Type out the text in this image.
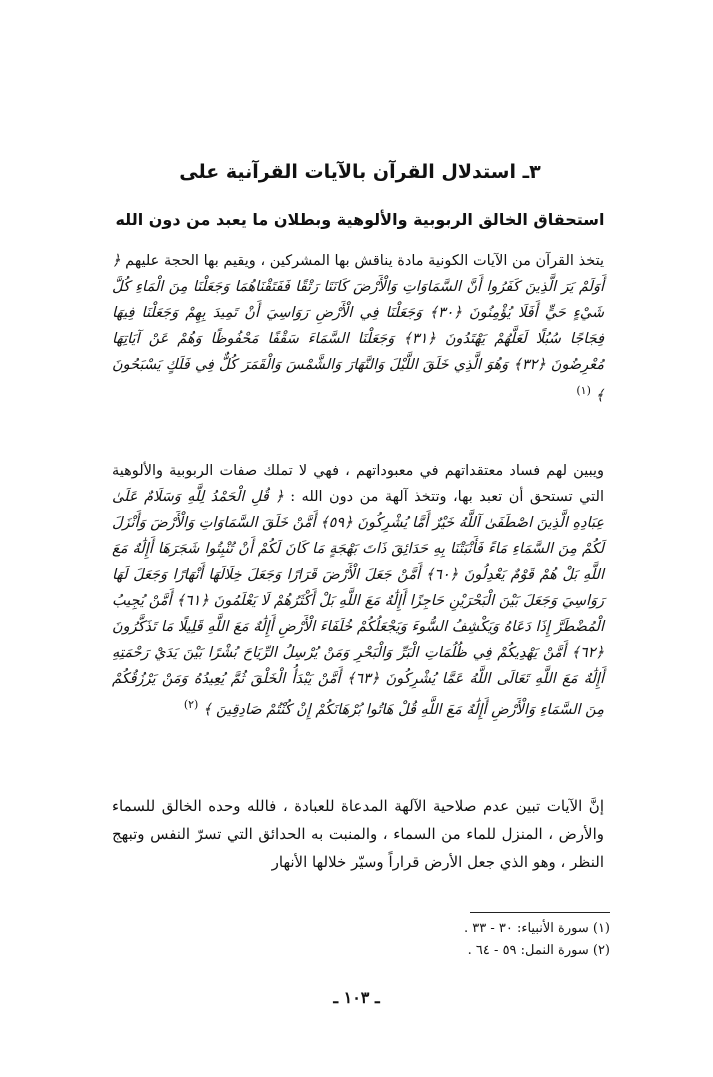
٣ـ استدلال القرآن بالآيات القرآنية على
استحقاق الخالق الربوبية والألوهية وبطلان ما يعبد من دون الله
يتخذ القرآن من الآيات الكونية مادة يناقش بها المشركين ، ويقيم بها الحجة عليهم ﴿ أَوَلَمْ يَرَ الَّذِينَ كَفَرُوا أَنَّ السَّمَاوَاتِ وَالْأَرْضَ كَانَتَا رَتْقًا فَفَتَقْنَاهُمَا وَجَعَلْنَا مِنَ الْمَاءِ كُلَّ شَيْءٍ حَيٍّ أَفَلَا يُؤْمِنُونَ ﴿٣٠﴾ وَجَعَلْنَا فِي الْأَرْضِ رَوَاسِيَ أَنْ تَمِيدَ بِهِمْ وَجَعَلْنَا فِيهَا فِجَاجًا سُبُلًا لَعَلَّهُمْ يَهْتَدُونَ ﴿٣١﴾ وَجَعَلْنَا السَّمَاءَ سَقْفًا مَحْفُوظًا وَهُمْ عَنْ آيَاتِهَا مُعْرِضُونَ ﴿٣٢﴾ وَهُوَ الَّذِي خَلَقَ اللَّيْلَ وَالنَّهَارَ وَالشَّمْسَ وَالْقَمَرَ كُلٌّ فِي فَلَكٍ يَسْبَحُونَ ﴾ $^{(١)}$
ويبين لهم فساد معتقداتهم في معبوداتهم ، فهي لا تملك صفات الربوبية والألوهية التي تستحق أن تعبد بها، وتتخذ آلهة من دون الله : ﴿ قُلِ الْحَمْدُ لِلَّهِ وَسَلَامٌ عَلَىٰ عِبَادِهِ الَّذِينَ اصْطَفَىٰ آللَّهُ خَيْرٌ أَمَّا يُشْرِكُونَ ﴿٥٩﴾ أَمَّنْ خَلَقَ السَّمَاوَاتِ وَالْأَرْضَ وَأَنْزَلَ لَكُمْ مِنَ السَّمَاءِ مَاءً فَأَنْبَتْنَا بِهِ حَدَائِقَ ذَاتَ بَهْجَةٍ مَا كَانَ لَكُمْ أَنْ تُنْبِتُوا شَجَرَهَا أَإِلَٰهٌ مَعَ اللَّهِ بَلْ هُمْ قَوْمٌ يَعْدِلُونَ ﴿٦٠﴾ أَمَّنْ جَعَلَ الْأَرْضَ قَرَارًا وَجَعَلَ خِلَالَهَا أَنْهَارًا وَجَعَلَ لَهَا رَوَاسِيَ وَجَعَلَ بَيْنَ الْبَحْرَيْنِ حَاجِزًا أَإِلَٰهٌ مَعَ اللَّهِ بَلْ أَكْثَرُهُمْ لَا يَعْلَمُونَ ﴿٦١﴾ أَمَّنْ يُجِيبُ الْمُضْطَرَّ إِذَا دَعَاهُ وَيَكْشِفُ السُّوءَ وَيَجْعَلُكُمْ خُلَفَاءَ الْأَرْضِ أَإِلَٰهٌ مَعَ اللَّهِ قَلِيلًا مَا تَذَكَّرُونَ ﴿٦٢﴾ أَمَّنْ يَهْدِيكُمْ فِي ظُلُمَاتِ الْبَرِّ وَالْبَحْرِ وَمَنْ يُرْسِلُ الرِّيَاحَ بُشْرًا بَيْنَ يَدَيْ رَحْمَتِهِ أَإِلَٰهٌ مَعَ اللَّهِ تَعَالَى اللَّهُ عَمَّا يُشْرِكُونَ ﴿٦٣﴾ أَمَّنْ يَبْدَأُ الْخَلْقَ ثُمَّ يُعِيدُهُ وَمَنْ يَرْزُقُكُمْ مِنَ السَّمَاءِ وَالْأَرْضِ أَإِلَٰهٌ مَعَ اللَّهِ قُلْ هَاتُوا بُرْهَانَكُمْ إِنْ كُنْتُمْ صَادِقِينَ ﴾ $^{(٢)}$
إنَّ الآيات تبين عدم صلاحية الآلهة المدعاة للعبادة ، فالله وحده الخالق للسماء والأرض ، المنزل للماء من السماء ، والمنبت به الحدائق التي تسرّ النفس وتبهج النظر ، وهو الذي جعل الأرض قراراً وسيّر خلالها الأنهار
(١) سورة الأنبياء: ٣٠ - ٣٣ .
(٢) سورة النمل: ٥٩ - ٦٤ .
ـ ١٠٣ ـ
